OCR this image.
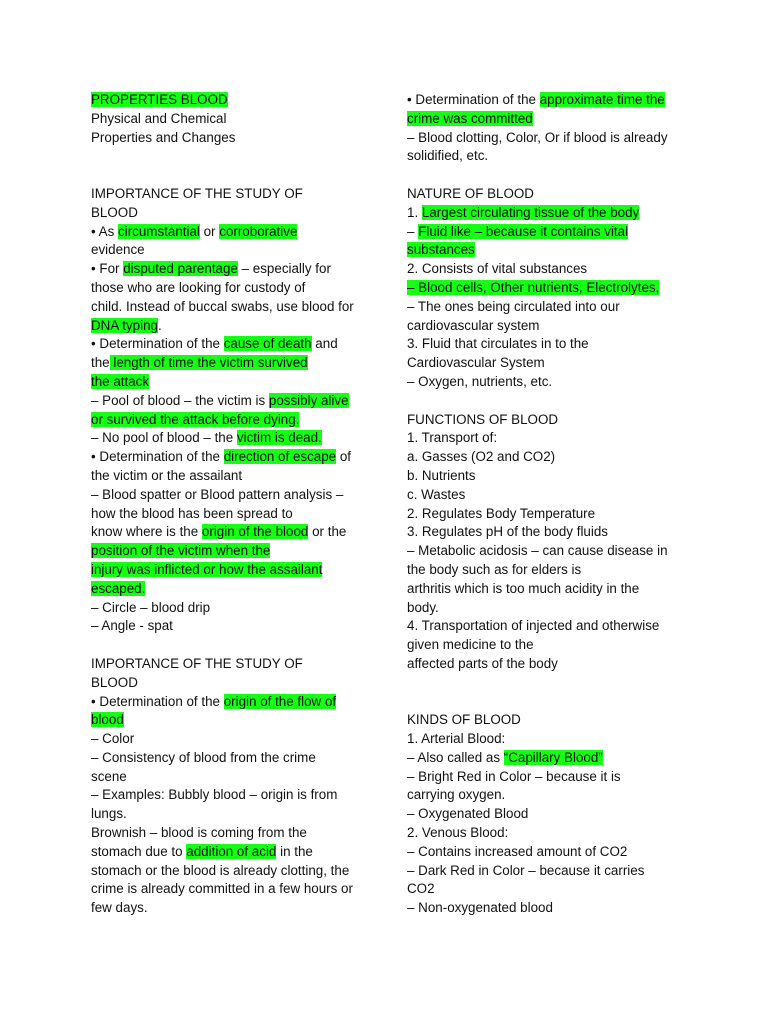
PROPERTIES BLOOD
Physical and Chemical
Properties and Changes
IMPORTANCE OF THE STUDY OF
BLOOD
• As circumstantial or corroborative
evidence
• For disputed parentage – especially for
those who are looking for custody of
child. Instead of buccal swabs, use blood for
DNA typing.
• Determination of the cause of death and
the length of time the victim survived
the attack
– Pool of blood – the victim is possibly alive
or survived the attack before dying.
– No pool of blood – the victim is dead.
• Determination of the direction of escape of
the victim or the assailant
– Blood spatter or Blood pattern analysis –
how the blood has been spread to
know where is the origin of the blood or the
position of the victim when the
injury was inflicted or how the assailant
escaped.
– Circle – blood drip
– Angle - spat
IMPORTANCE OF THE STUDY OF
BLOOD
• Determination of the origin of the flow of
blood
– Color
– Consistency of blood from the crime
scene
– Examples: Bubbly blood – origin is from
lungs.
Brownish – blood is coming from the
stomach due to addition of acid in the
stomach or the blood is already clotting, the
crime is already committed in a few hours or
few days.
• Determination of the approximate time the
crime was committed
– Blood clotting, Color, Or if blood is already
solidified, etc.
NATURE OF BLOOD
1. Largest circulating tissue of the body
– Fluid like – because it contains vital
substances
2. Consists of vital substances
– Blood cells, Other nutrients, Electrolytes,
– The ones being circulated into our
cardiovascular system
3. Fluid that circulates in to the
Cardiovascular System
– Oxygen, nutrients, etc.
FUNCTIONS OF BLOOD
1. Transport of:
a. Gasses (O2 and CO2)
b. Nutrients
c. Wastes
2. Regulates Body Temperature
3. Regulates pH of the body fluids
– Metabolic acidosis – can cause disease in
the body such as for elders is
arthritis which is too much acidity in the
body.
4. Transportation of injected and otherwise
given medicine to the
affected parts of the body
KINDS OF BLOOD
1. Arterial Blood:
– Also called as “Capillary Blood”
– Bright Red in Color – because it is
carrying oxygen.
– Oxygenated Blood
2. Venous Blood:
– Contains increased amount of CO2
– Dark Red in Color – because it carries
CO2
– Non-oxygenated blood
